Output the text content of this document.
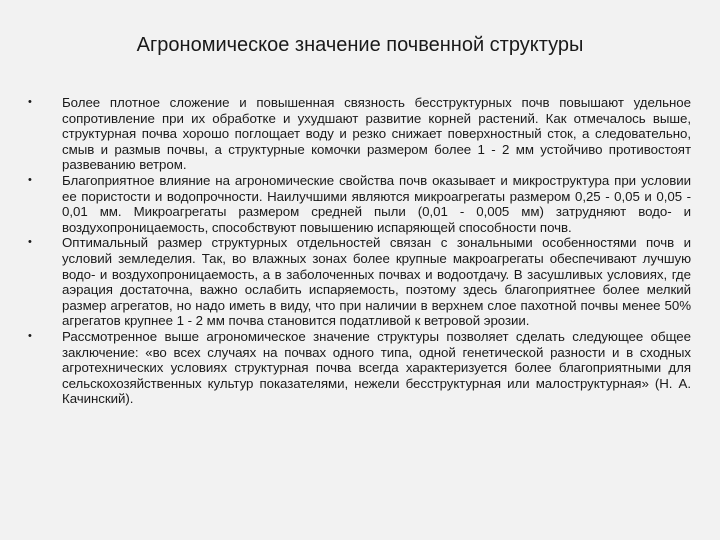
Агрономическое значение почвенной структуры
•	Более плотное сложение и повышенная связность бесструктурных почв повышают удельное сопротивление при их обработке и ухудшают развитие корней растений. Как отмечалось выше, структурная почва хорошо поглощает воду и резко снижает поверхностный сток, а следовательно, смыв и размыв почвы, а структурные комочки размером более 1 - 2 мм устойчиво противостоят развеванию ветром.
•	Благоприятное влияние на агрономические свойства почв оказывает и микроструктура при условии ее пористости и водопрочности. Наилучшими являются микроагрегаты размером 0,25 - 0,05 и 0,05 - 0,01 мм. Микроагрегаты размером средней пыли (0,01 - 0,005 мм) затрудняют водо- и воздухопроницаемость, способствуют повышению испаряющей способности почв.
•	Оптимальный размер структурных отдельностей связан с зональными особенностями почв и условий земледелия. Так, во влажных зонах более крупные макроагрегаты обеспечивают лучшую водо- и воздухопроницаемость, а в заболоченных почвах и водоотдачу. В засушливых условиях, где аэрация достаточна, важно ослабить испаряемость, поэтому здесь благоприятнее более мелкий размер агрегатов, но надо иметь в виду, что при наличии в верхнем слое пахотной почвы менее 50% агрегатов крупнее 1 - 2 мм почва становится податливой к ветровой эрозии.
•	Рассмотренное выше агрономическое значение структуры позволяет сделать следующее общее заключение: «во всех случаях на почвах одного типа, одной генетической разности и в сходных агротехнических условиях структурная почва всегда характеризуется более благоприятными для сельскохозяйственных культур показателями, нежели бесструктурная или малоструктурная» (Н. А. Качинский).
